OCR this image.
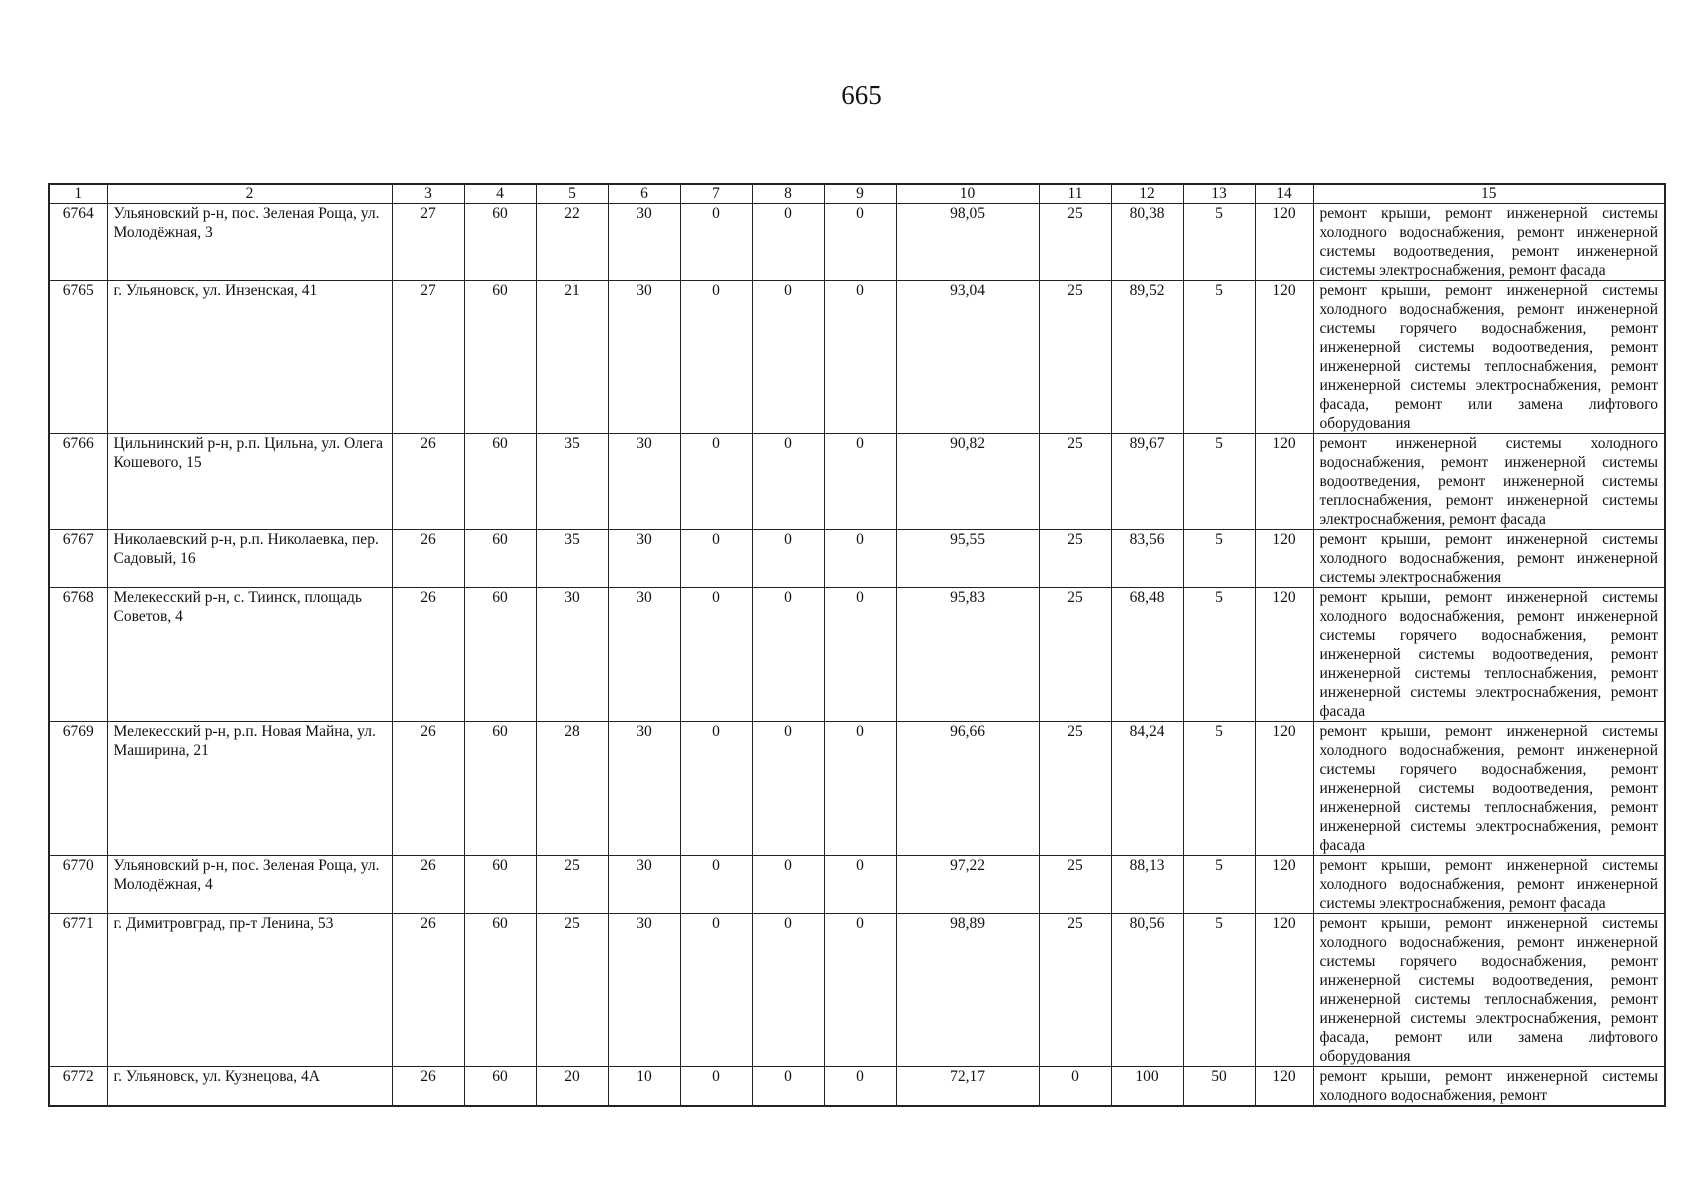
665
1	2	3	4	5	6	7	8	9	10	11	12	13	14	15
6764	Ульяновский р-н, пос. Зеленая Роща, ул. Молодёжная, 3	27	60	22	30	0	0	0	98,05	25	80,38	5	120	ремонт крыши, ремонт инженерной системы холодного водоснабжения, ремонт инженерной системы водоотведения, ремонт инженерной системы электроснабжения, ремонт фасада
6765	г. Ульяновск, ул. Инзенская, 41	27	60	21	30	0	0	0	93,04	25	89,52	5	120	ремонт крыши, ремонт инженерной системы холодного водоснабжения, ремонт инженерной системы горячего водоснабжения, ремонт инженерной системы водоотведения, ремонт инженерной системы теплоснабжения, ремонт инженерной системы электроснабжения, ремонт фасада, ремонт или замена лифтового оборудования
6766	Цильнинский р-н, р.п. Цильна, ул. Олега Кошевого, 15	26	60	35	30	0	0	0	90,82	25	89,67	5	120	ремонт инженерной системы холодного водоснабжения, ремонт инженерной системы водоотведения, ремонт инженерной системы теплоснабжения, ремонт инженерной системы электроснабжения, ремонт фасада
6767	Николаевский р-н, р.п. Николаевка, пер. Садовый, 16	26	60	35	30	0	0	0	95,55	25	83,56	5	120	ремонт крыши, ремонт инженерной системы холодного водоснабжения, ремонт инженерной системы электроснабжения
6768	Мелекесский р-н, с. Тиинск, площадь Советов, 4	26	60	30	30	0	0	0	95,83	25	68,48	5	120	ремонт крыши, ремонт инженерной системы холодного водоснабжения, ремонт инженерной системы горячего водоснабжения, ремонт инженерной системы водоотведения, ремонт инженерной системы теплоснабжения, ремонт инженерной системы электроснабжения, ремонт фасада
6769	Мелекесский р-н, р.п. Новая Майна, ул. Маширина, 21	26	60	28	30	0	0	0	96,66	25	84,24	5	120	ремонт крыши, ремонт инженерной системы холодного водоснабжения, ремонт инженерной системы горячего водоснабжения, ремонт инженерной системы водоотведения, ремонт инженерной системы теплоснабжения, ремонт инженерной системы электроснабжения, ремонт фасада
6770	Ульяновский р-н, пос. Зеленая Роща, ул. Молодёжная, 4	26	60	25	30	0	0	0	97,22	25	88,13	5	120	ремонт крыши, ремонт инженерной системы холодного водоснабжения, ремонт инженерной системы электроснабжения, ремонт фасада
6771	г. Димитровград, пр-т Ленина, 53	26	60	25	30	0	0	0	98,89	25	80,56	5	120	ремонт крыши, ремонт инженерной системы холодного водоснабжения, ремонт инженерной системы горячего водоснабжения, ремонт инженерной системы водоотведения, ремонт инженерной системы теплоснабжения, ремонт инженерной системы электроснабжения, ремонт фасада, ремонт или замена лифтового оборудования
6772	г. Ульяновск, ул. Кузнецова, 4А	26	60	20	10	0	0	0	72,17	0	100	50	120	ремонт крыши, ремонт инженерной системы холодного водоснабжения, ремонт
